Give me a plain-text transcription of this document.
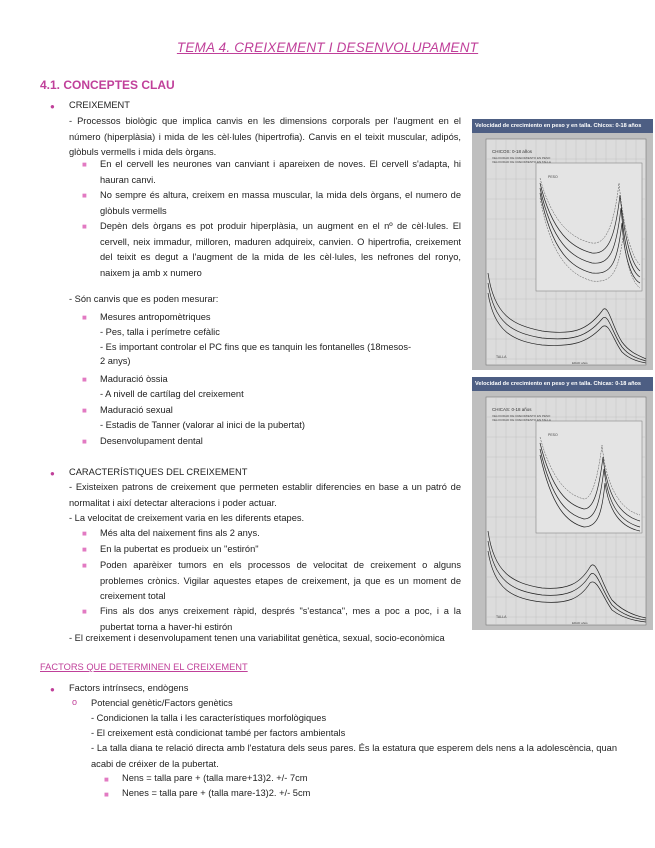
TEMA 4. CREIXEMENT I DESENVOLUPAMENT
4.1. CONCEPTES CLAU
● CREIXEMENT
- Processos biològic que implica canvis en les dimensions corporals per l'augment en el número (hiperplàsia) i mida de les cèl·lules (hipertrofia). Canvis en el teixit muscular, adipós, glòbuls vermells i mida dels òrgans.
■ En el cervell les neurones van canviant i apareixen de noves. El cervell s'adapta, hi hauran canvi.
■ No sempre és altura, creixem en massa muscular, la mida dels òrgans, el numero de glòbuls vermells
■ Depèn dels òrgans es pot produir hiperplàsia, un augment en el nº de cèl·lules. El cervell, neix immadur, milloren, maduren adquireix, canvien. O hipertrofia, creixement del teixit es degut a l'augment de la mida de les cèl·lules, les nefrones del ronyo, naixem ja amb x numero
- Són canvis que es poden mesurar:
■ Mesures antropomètriques
- Pes, talla i perímetre cefàlic
- Es important controlar el PC fins que es tanquin les fontanelles (18mesos-
2 anys)
■ Maduració òssia
- A nivell de cartílag del creixement
■ Maduració sexual
- Estadis de Tanner (valorar al inici de la pubertat)
■ Desenvolupament dental
● CARACTERÍSTIQUES DEL CREIXEMENT
- Existeixen patrons de creixement que permeten establir diferencies en base a un patró de normalitat i així detectar alteracions i poder actuar.
- La velocitat de creixement varia en les diferents etapes.
■ Més alta del naixement fins als 2 anys.
■ En la pubertat es produeix un "estirón"
■ Poden aparèixer tumors en els processos de velocitat de creixement o alguns problemes crònics. Vigilar aquestes etapes de creixement, ja que es un moment de creixement total
■ Fins als dos anys creixement ràpid, després "s'estanca", mes a poc a poc, i a la pubertat torna a haver-hi estirón
- El creixement i desenvolupament tenen una variabilitat genètica, sexual, socio-econòmica
FACTORS QUE DETERMINEN EL CREIXEMENT
● Factors intrínsecs, endògens
o Potencial genètic/Factors genètics
- Condicionen la talla i les característiques morfològiques
- El creixement està condicionat també per factors ambientals
- La talla diana te relació directa amb l'estatura dels seus pares. És la estatura que esperem dels nens a la adolescència, quan acabi de créixer de la pubertat.
■ Nens = talla pare + (talla mare+13)2. +/- 7cm
■ Nenes = talla pare + (talla mare-13)2. +/- 5cm
Velocidad de crecimiento en peso y en talla. Chicos: 0-18 años
CHICOS: 0-18 años
VELOCIDAD DE CRECIMIENTO EN PESO
VELOCIDAD DE CRECIMIENTO EN TALLA
PESO
TALLA
EDAD años
Velocidad de crecimiento en peso y en talla. Chicas: 0-18 años
CHICAS: 0-18 años
VELOCIDAD DE CRECIMIENTO EN PESO
VELOCIDAD DE CRECIMIENTO EN TALLA
PESO
TALLA
EDAD años
